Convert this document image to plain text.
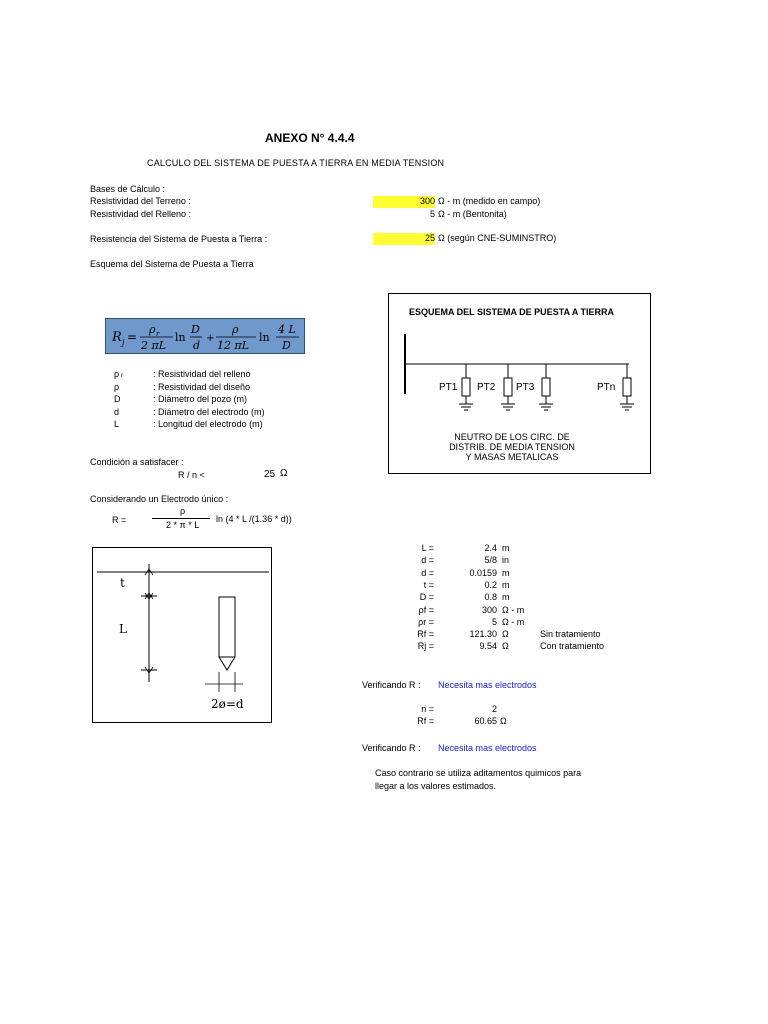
ANEXO N° 4.4.4
CALCULO DEL SISTEMA DE PUESTA A TIERRA EN MEDIA TENSION
Bases de Cálculo :
Resistividad del Terreno :	300 Ω - m (medido en campo)
Resistividad del Relleno :	5 Ω - m (Bentonita)
Resistencia del Sistema de Puesta a Tierra :	25 Ω (según CNE-SUMINSTRO)
Esquema del Sistema de Puesta a Tierra
R j =
ρ r
2 πL
ln
D
d
+
ρ
12 πL
ln
4 L
D
ρ r	: Resistividad del relleno
ρ	: Resistividad del diseño
D	: Diámetro del pozo (m)
d	: Diámetro del electrodo (m)
L	: Longitud del electrodo (m)
ESQUEMA DEL SISTEMA DE PUESTA A TIERRA
PT1 PT2 PT3	PTn
NEUTRO DE LOS CIRC. DE
DISTRIB. DE MEDIA TENSION
Y MASAS METALICAS
Condición a satisfacer :
R / n <	25 Ω
Considerando un Electrodo único :
R =
ρ
2 * π * L
ln (4 * L /(1.36 * d))
t
L
2ø=d
L =	2.4 m
d =	5/8 in
d =	0.0159 m
t =	0.2 m
D =	0.8 m
ρf =	300 Ω - m
ρr =	5 Ω - m
Rf =	121.30 Ω	Sin tratamiento
Rj =	9.54 Ω	Con tratamiento
Verificando R : Necesita mas electrodos
n =	2
Rf =	60.65 Ω
Verificando R : Necesita mas electrodos
Caso contrario se utiliza aditamentos quimicos para
llegar a los valores estimados.
